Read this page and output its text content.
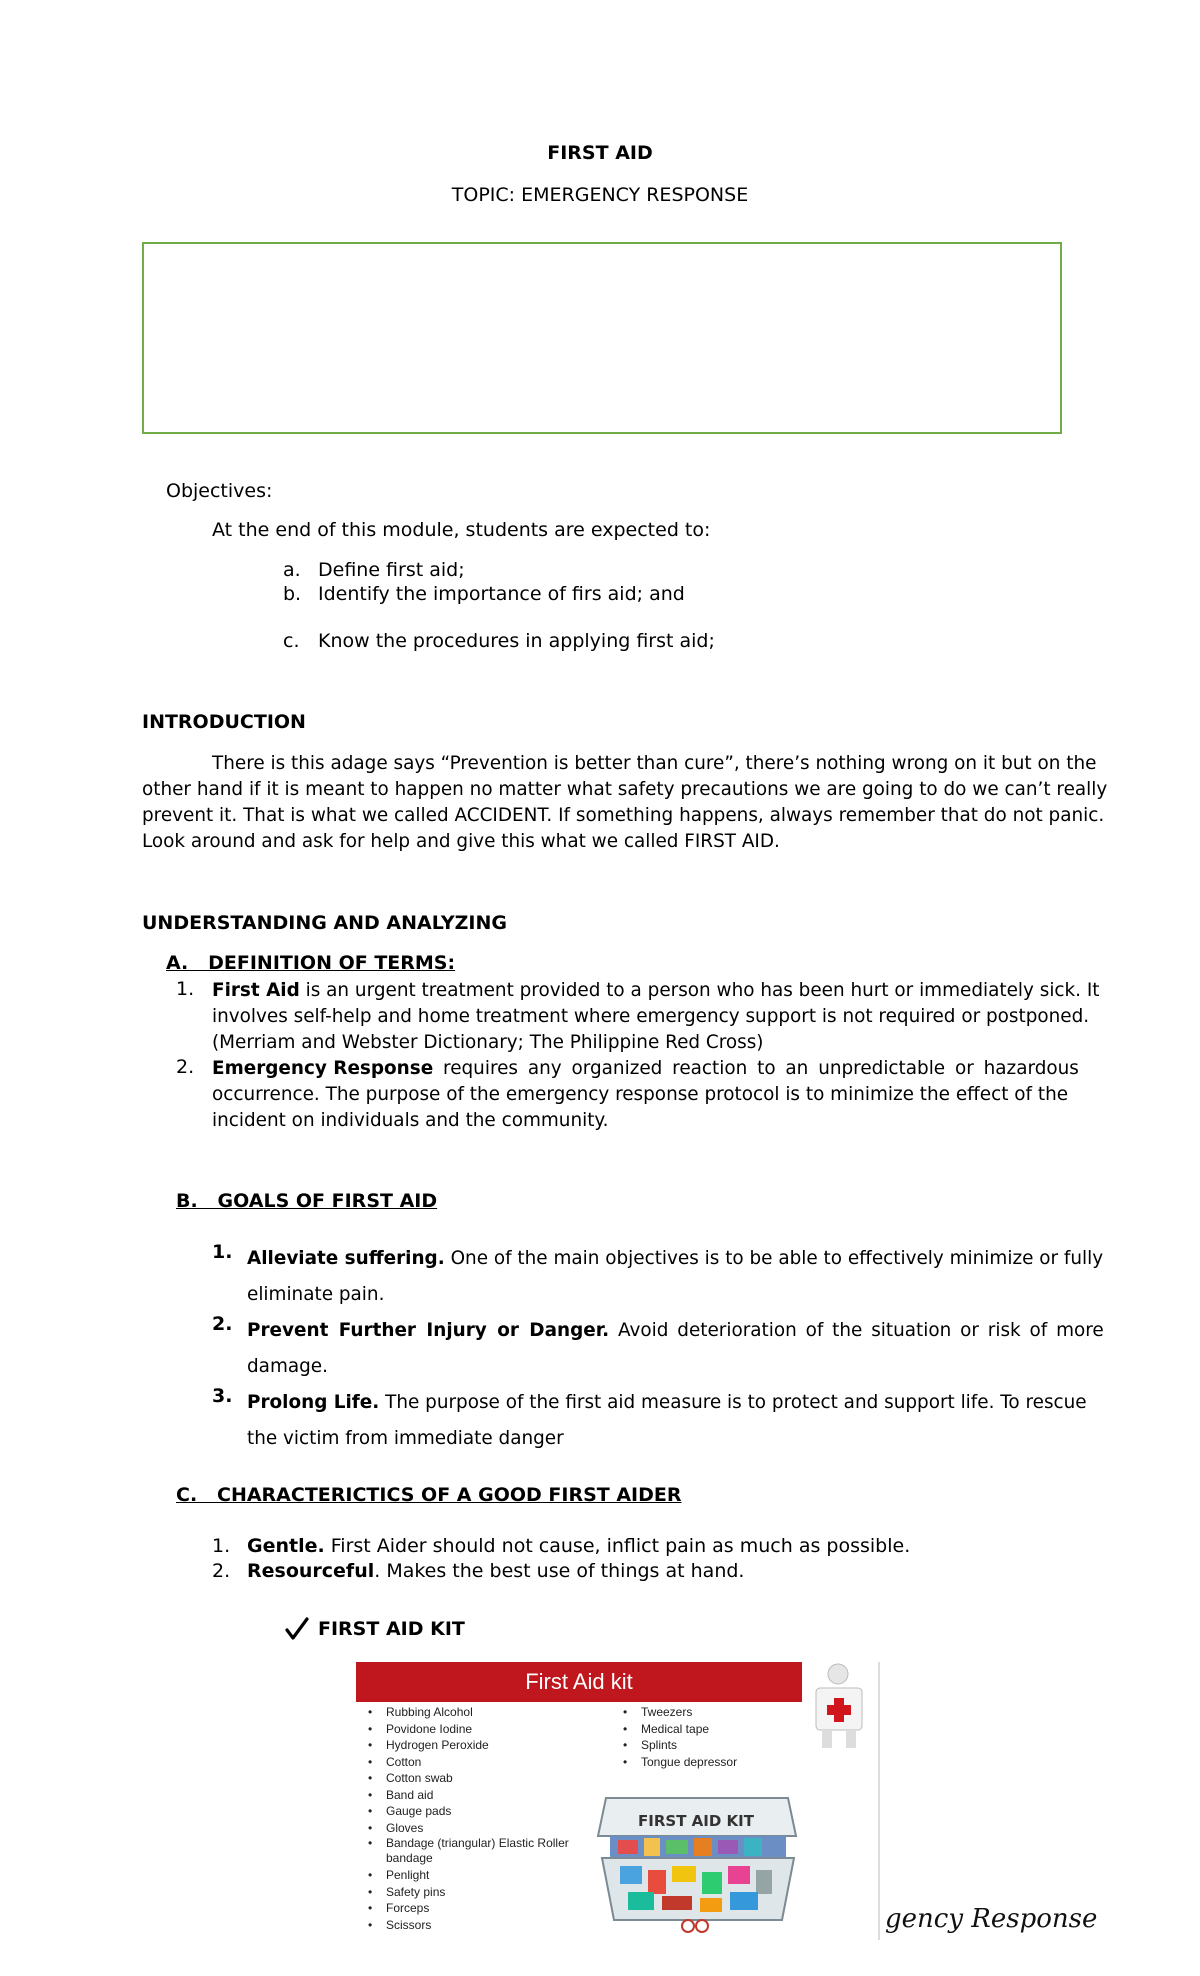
FIRST AID
TOPIC: EMERGENCY RESPONSE
Objectives:
At the end of this module, students are expected to:
a. Define first aid;
b. Identify the importance of firs aid; and
c. Know the procedures in applying first aid;
INTRODUCTION
There is this adage says “Prevention is better than cure”, there’s nothing wrong on it but on the
other hand if it is meant to happen no matter what safety precautions we are going to do we can’t really
prevent it. That is what we called ACCIDENT. If something happens, always remember that do not panic.
Look around and ask for help and give this what we called FIRST AID.
UNDERSTANDING AND ANALYZING
A.   DEFINITION OF TERMS:
1. First Aid is an urgent treatment provided to a person who has been hurt or immediately sick. It
involves self-help and home treatment where emergency support is not required or postponed.
(Merriam and Webster Dictionary; The Philippine Red Cross)
2. Emergency Response requires any organized reaction to an unpredictable or hazardous
occurrence. The purpose of the emergency response protocol is to minimize the effect of the
incident on individuals and the community.
B.   GOALS OF FIRST AID
1. Alleviate suffering. One of the main objectives is to be able to effectively minimize or fully
eliminate pain.
2. Prevent Further Injury or Danger. Avoid deterioration of the situation or risk of more
damage.
3. Prolong Life. The purpose of the first aid measure is to protect and support life. To rescue
the victim from immediate danger
C.   CHARACTERICTICS OF A GOOD FIRST AIDER
1. Gentle. First Aider should not cause, inflict pain as much as possible.
2. Resourceful. Makes the best use of things at hand.
FIRST AID KIT
First Aid kit
• Rubbing Alcohol
• Povidone Iodine
• Hydrogen Peroxide
• Cotton
• Cotton swab
• Band aid
• Gauge pads
• Gloves
• Bandage (triangular) Elastic Roller bandage
• Penlight
• Safety pins
• Forceps
• Scissors
• Tweezers
• Medical tape
• Splints
• Tongue depressor
FIRST AID KIT
gency Response
